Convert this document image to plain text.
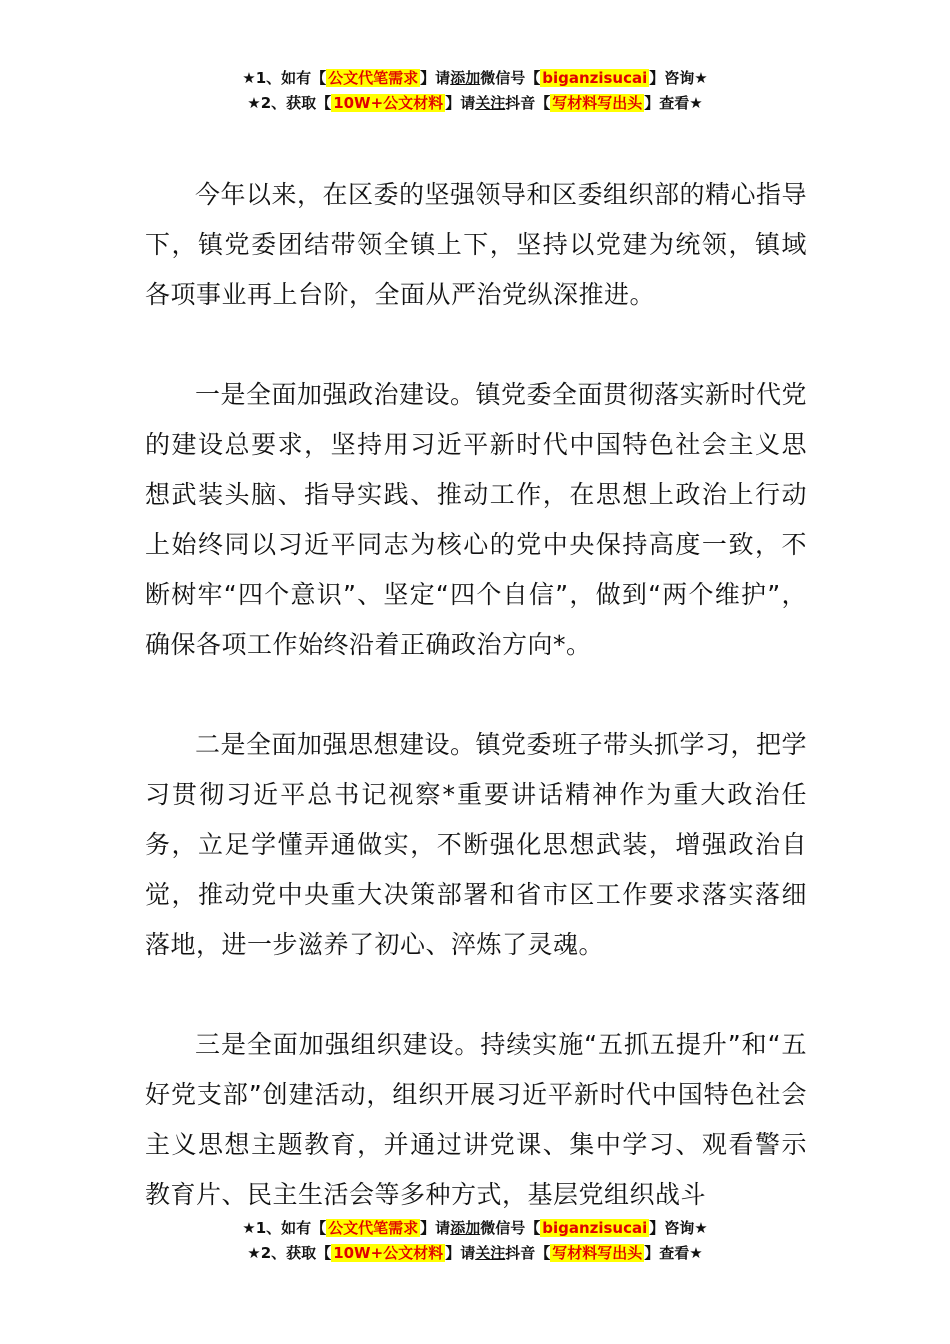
★1、如有【 公文代笔需求 】请添加微信号【 biganzisucai 】咨询★
★2、获取【 10W+公文材料 】请关注抖音【 写材料写出头 】查看★

今年以来，在区委的坚强领导和区委组织部的精心指导下，镇党委团结带领全镇上下，坚持以党建为统领，镇域各项事业再上台阶，全面从严治党纵深推进。

一是全面加强政治建设。镇党委全面贯彻落实新时代党的建设总要求，坚持用习近平新时代中国特色社会主义思想武装头脑、指导实践、推动工作，在思想上政治上行动上始终同以习近平同志为核心的党中央保持高度一致，不断树牢“四个意识”、坚定“四个自信”，做到“两个维护”，确保各项工作始终沿着正确政治方向*。

二是全面加强思想建设。镇党委班子带头抓学习，把学习贯彻习近平总书记视察*重要讲话精神作为重大政治任务，立足学懂弄通做实，不断强化思想武装，增强政治自觉，推动党中央重大决策部署和省市区工作要求落实落细落地，进一步滋养了初心、淬炼了灵魂。

三是全面加强组织建设。持续实施“五抓五提升”和“五好党支部”创建活动，组织开展习近平新时代中国特色社会主义思想主题教育，并通过讲党课、集中学习、观看警示教育片、民主生活会等多种方式，基层党组织战斗

★1、如有【 公文代笔需求 】请添加微信号【 biganzisucai 】咨询★
★2、获取【 10W+公文材料 】请关注抖音【 写材料写出头 】查看★
